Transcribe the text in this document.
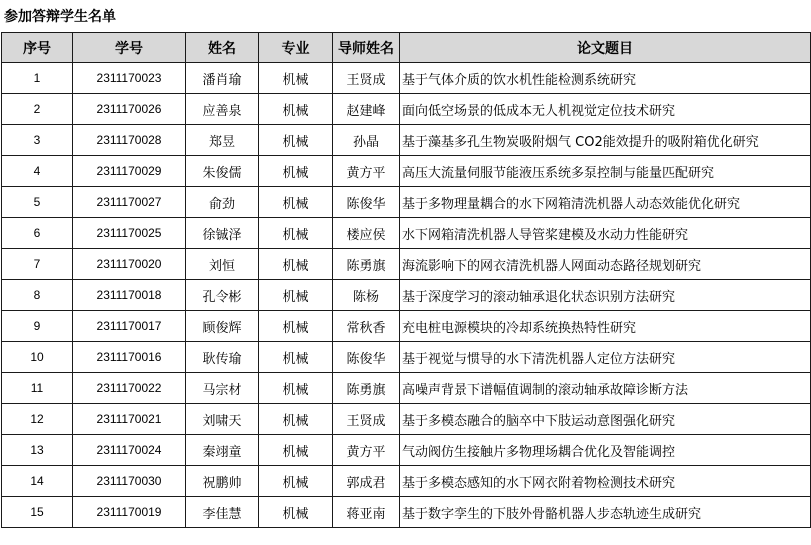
参加答辩学生名单
序号	学号	姓名	专业	导师姓名	论文题目
1	2311170023	潘肖瑜	机械	王贤成	基于气体介质的饮水机性能检测系统研究
2	2311170026	应善泉	机械	赵建峰	面向低空场景的低成本无人机视觉定位技术研究
3	2311170028	郑昱	机械	孙晶	基于藻基多孔生物炭吸附烟气 CO2能效提升的吸附箱优化研究
4	2311170029	朱俊儒	机械	黄方平	高压大流量伺服节能液压系统多泵控制与能量匹配研究
5	2311170027	俞劲	机械	陈俊华	基于多物理量耦合的水下网箱清洗机器人动态效能优化研究
6	2311170025	徐铖泽	机械	楼应侯	水下网箱清洗机器人导管桨建模及水动力性能研究
7	2311170020	刘恒	机械	陈勇旗	海流影响下的网衣清洗机器人网面动态路径规划研究
8	2311170018	孔令彬	机械	陈杨	基于深度学习的滚动轴承退化状态识别方法研究
9	2311170017	顾俊辉	机械	常秋香	充电桩电源模块的冷却系统换热特性研究
10	2311170016	耿传瑜	机械	陈俊华	基于视觉与惯导的水下清洗机器人定位方法研究
11	2311170022	马宗材	机械	陈勇旗	高噪声背景下谱幅值调制的滚动轴承故障诊断方法
12	2311170021	刘啸天	机械	王贤成	基于多模态融合的脑卒中下肢运动意图强化研究
13	2311170024	秦翊童	机械	黄方平	气动阀仿生接触片多物理场耦合优化及智能调控
14	2311170030	祝鹏帅	机械	郭成君	基于多模态感知的水下网衣附着物检测技术研究
15	2311170019	李佳慧	机械	蒋亚南	基于数字孪生的下肢外骨骼机器人步态轨迹生成研究
